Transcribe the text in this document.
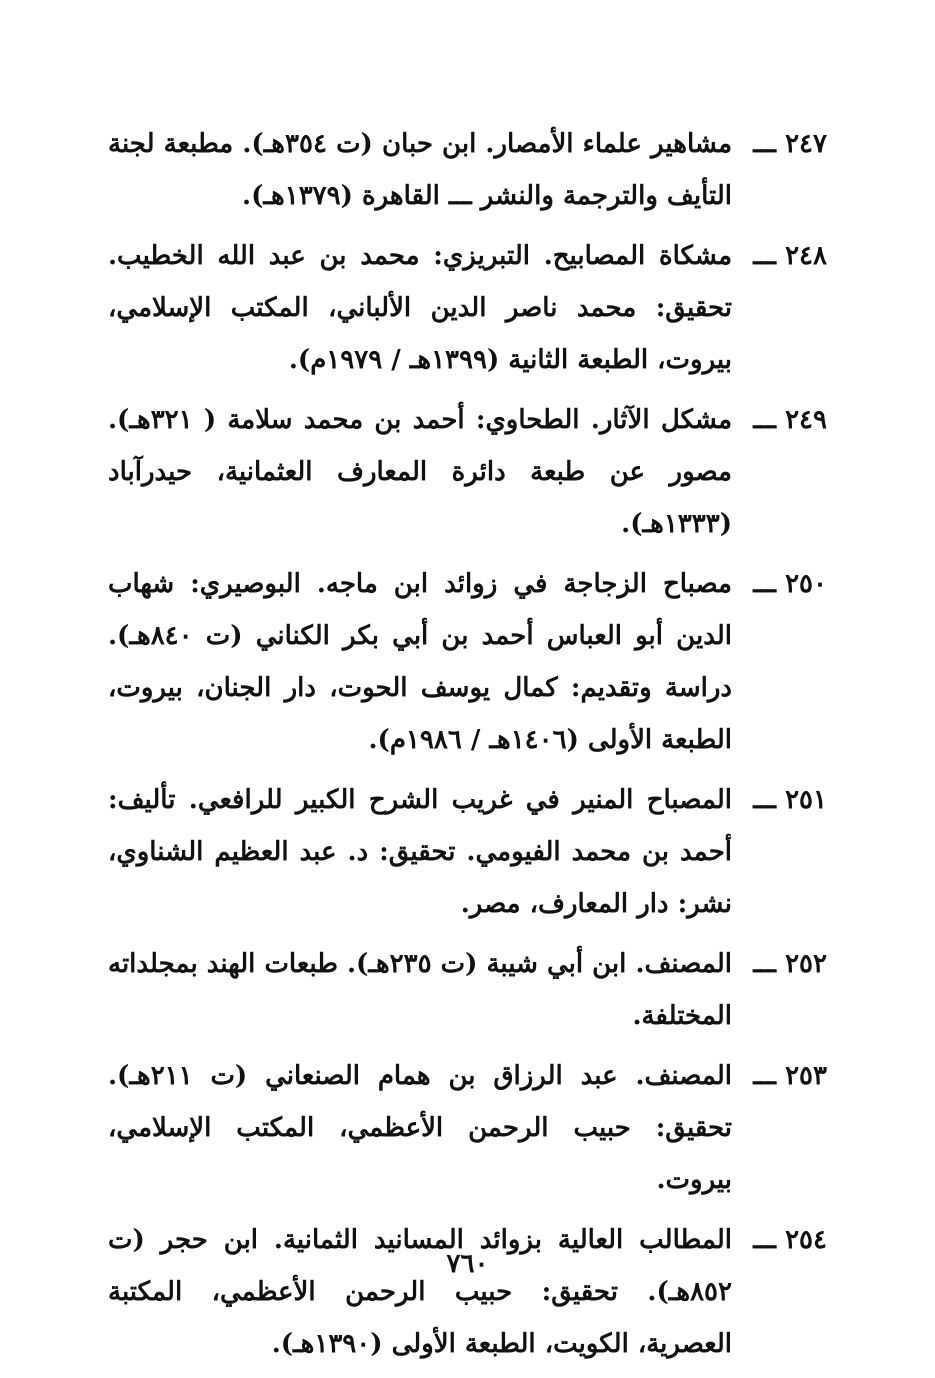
٢٤٧ ـــ
مشاهير علماء الأمصار. ابن حبان (ت ٣٥٤هـ). مطبعة لجنة التأيف والترجمة والنشر ـــ القاهرة (١٣٧٩هـ).
٢٤٨ ـــ
مشكاة المصابيح. التبريزي: محمد بن عبد الله الخطيب. تحقيق: محمد ناصر الدين الألباني، المكتب الإسلامي، بيروت، الطبعة الثانية (١٣٩٩هـ / ١٩٧٩م).
٢٤٩ ـــ
مشكل الآثار. الطحاوي: أحمد بن محمد سلامة ( ٣٢١هـ). مصور عن طبعة دائرة المعارف العثمانية، حيدرآباد (١٣٣٣هـ).
٢٥٠ ـــ
مصباح الزجاجة في زوائد ابن ماجه. البوصيري: شهاب الدين أبو العباس أحمد بن أبي بكر الكناني (ت ٨٤٠هـ). دراسة وتقديم: كمال يوسف الحوت، دار الجنان، بيروت، الطبعة الأولى (١٤٠٦هـ / ١٩٨٦م).
٢٥١ ـــ
المصباح المنير في غريب الشرح الكبير للرافعي. تأليف: أحمد بن محمد الفيومي. تحقيق: د. عبد العظيم الشناوي، نشر: دار المعارف، مصر.
٢٥٢ ـــ
المصنف. ابن أبي شيبة (ت ٢٣٥هـ). طبعات الهند بمجلداته المختلفة.
٢٥٣ ـــ
المصنف. عبد الرزاق بن همام الصنعاني (ت ٢١١هـ). تحقيق: حبيب الرحمن الأعظمي، المكتب الإسلامي، بيروت.
٢٥٤ ـــ
المطالب العالية بزوائد المسانيد الثمانية. ابن حجر (ت ٨٥٢هـ). تحقيق: حبيب الرحمن الأعظمي، المكتبة العصرية، الكويت، الطبعة الأولى (١٣٩٠هـ).
٧٦٠
